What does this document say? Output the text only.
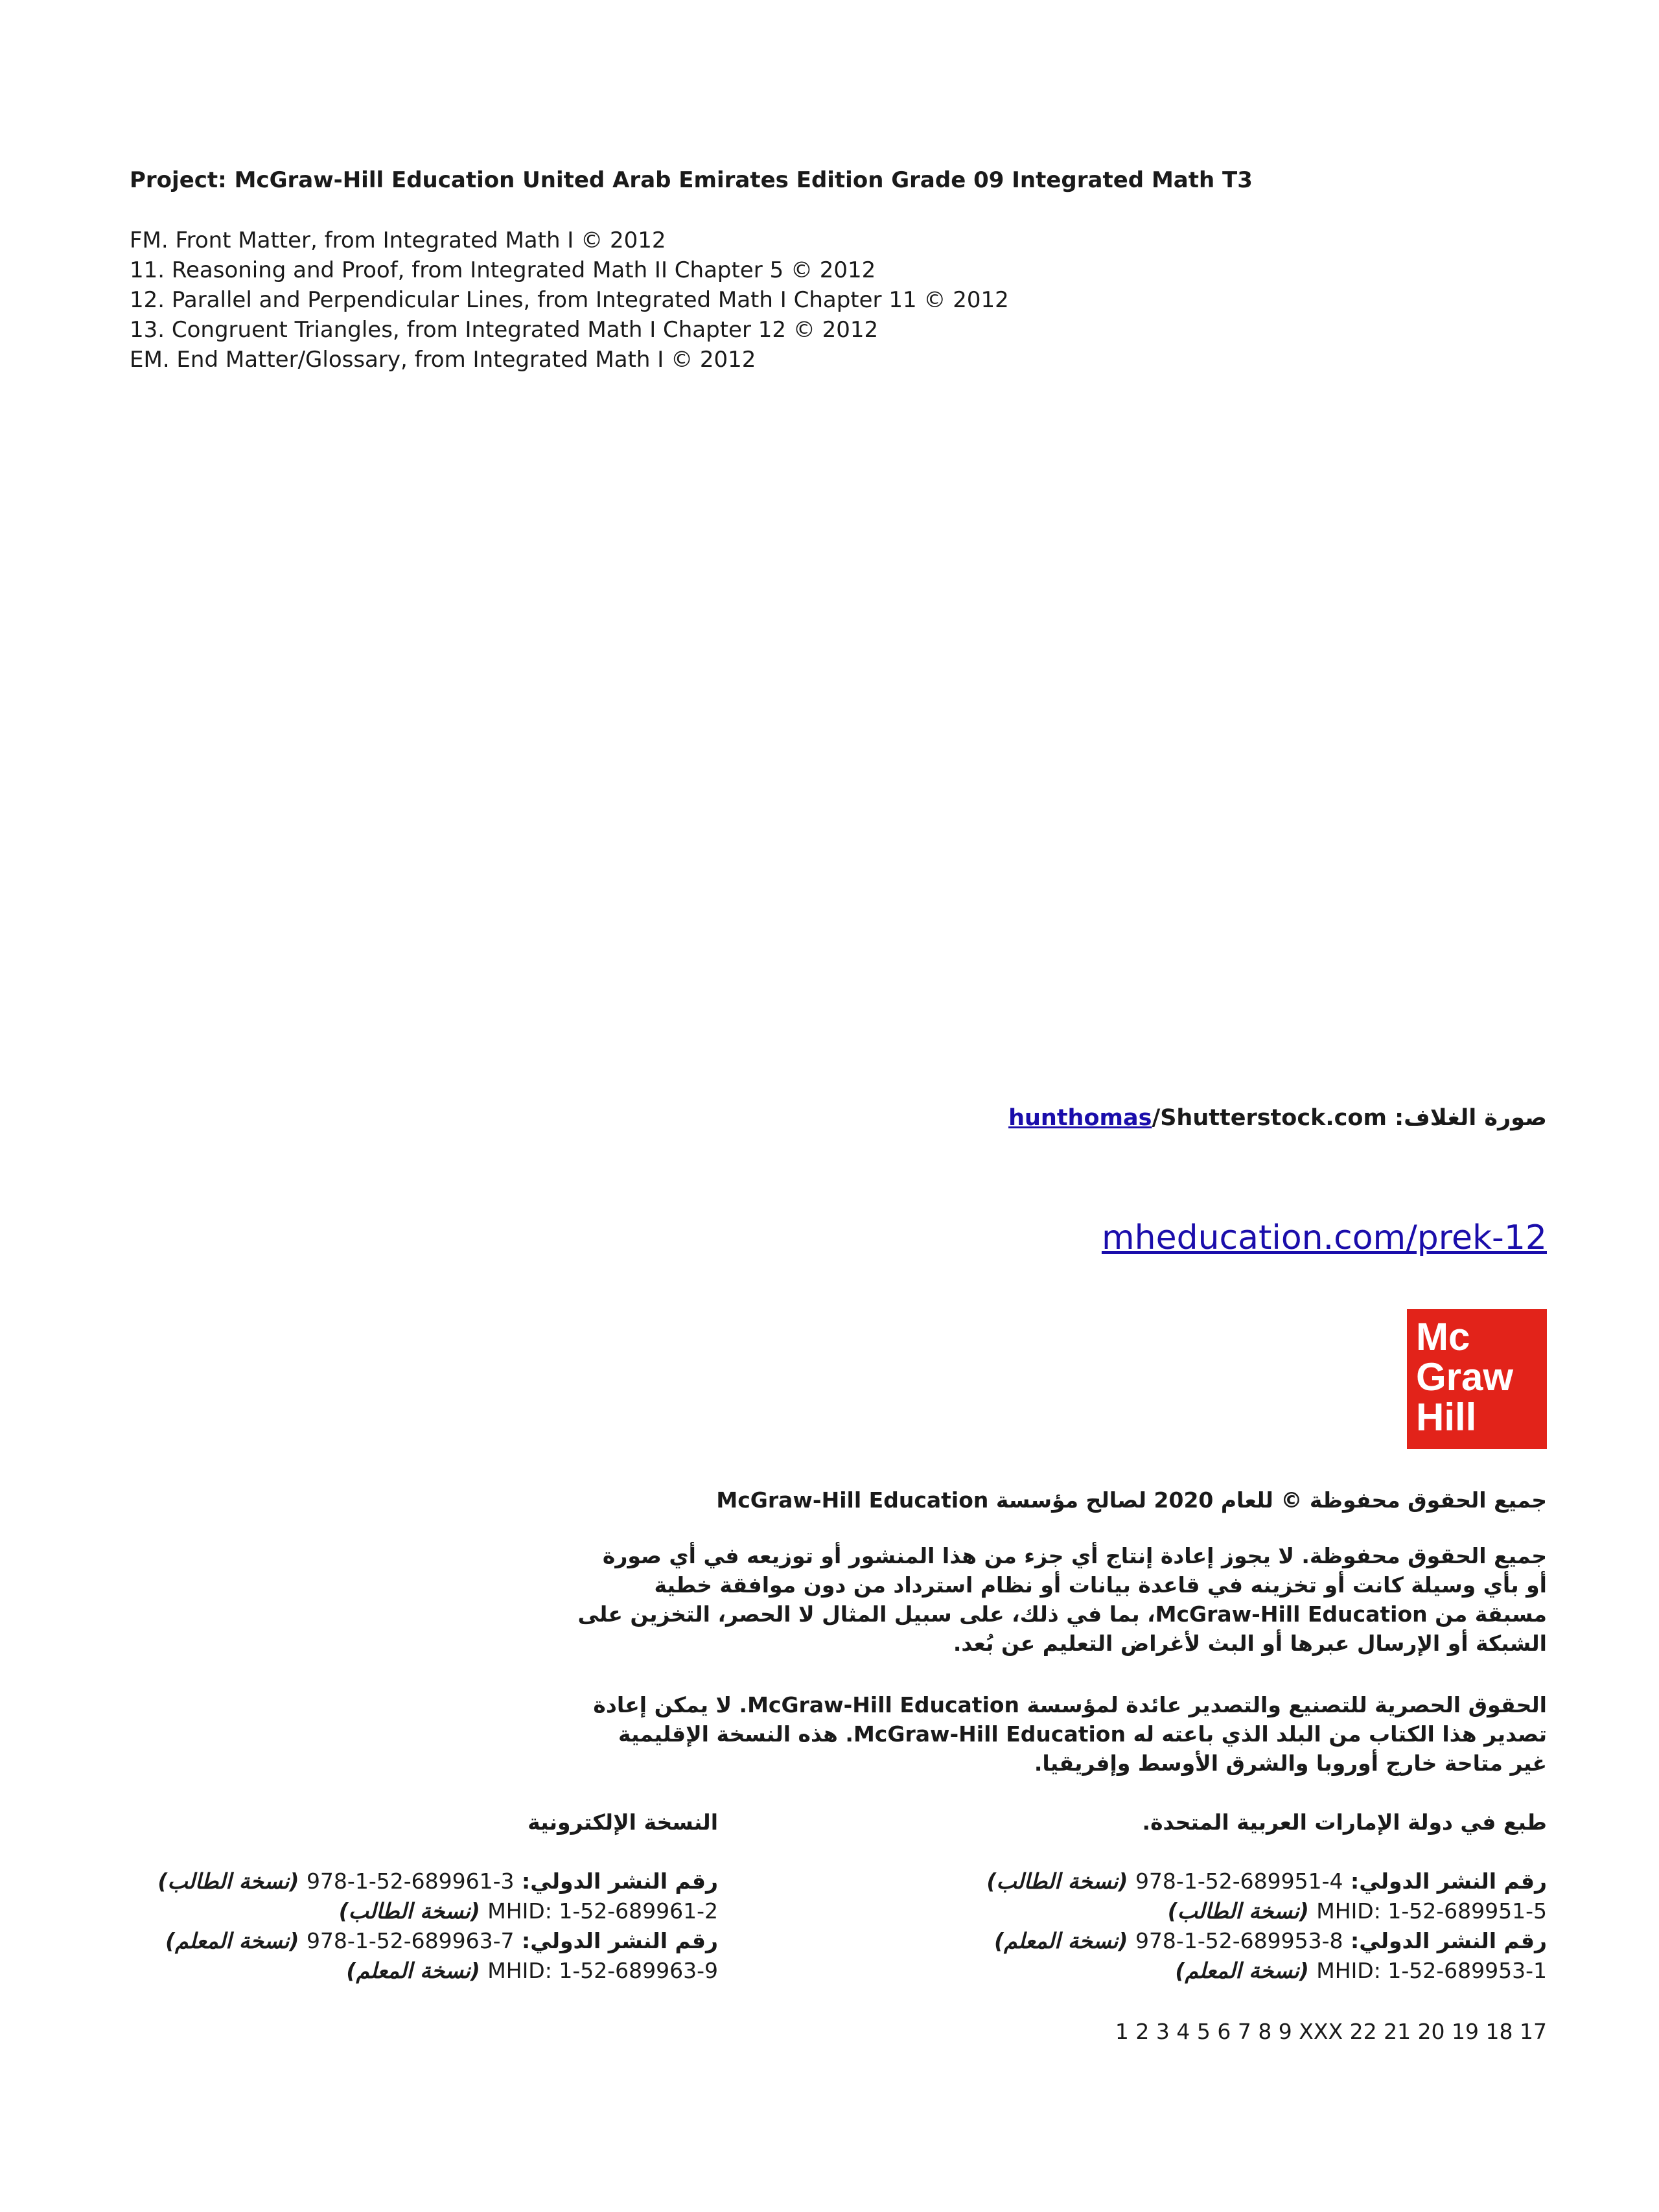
Project: McGraw-Hill Education United Arab Emirates Edition Grade 09 Integrated Math T3
FM. Front Matter, from Integrated Math I © 2012
11. Reasoning and Proof, from Integrated Math II Chapter 5 © 2012
12. Parallel and Perpendicular Lines, from Integrated Math I Chapter 11 © 2012
13. Congruent Triangles, from Integrated Math I Chapter 12 © 2012
EM. End Matter/Glossary, from Integrated Math I © 2012
صورة الغلاف: hunthomas/Shutterstock.com
mheducation.com/prek-12
Mc
Graw
Hill
جميع الحقوق محفوظة © للعام 2020 لصالح مؤسسة McGraw-Hill Education

جميع الحقوق محفوظة. لا يجوز إعادة إنتاج أي جزء من هذا المنشور أو توزيعه في أي صورة أو بأي وسيلة كانت أو تخزينه في قاعدة بيانات أو نظام استرداد من دون موافقة خطية مسبقة من McGraw-Hill Education، بما في ذلك، على سبيل المثال لا الحصر، التخزين على الشبكة أو الإرسال عبرها أو البث لأغراض التعليم عن بُعد.

الحقوق الحصرية للتصنيع والتصدير عائدة لمؤسسة McGraw-Hill Education. لا يمكن إعادة تصدير هذا الكتاب من البلد الذي باعته له McGraw-Hill Education. هذه النسخة الإقليمية غير متاحة خارج أوروبا والشرق الأوسط وإفريقيا.

طبع في دولة الإمارات العربية المتحدة.
النسخة الإلكترونية
رقم النشر الدولي: 978-1-52-689951-4 (نسخة الطالب)
MHID: 1-52-689951-5 (نسخة الطالب)
رقم النشر الدولي: 978-1-52-689953-8 (نسخة المعلم)
MHID: 1-52-689953-1 (نسخة المعلم)
رقم النشر الدولي: 978-1-52-689961-3 (نسخة الطالب)
MHID: 1-52-689961-2 (نسخة الطالب)
رقم النشر الدولي: 978-1-52-689963-7 (نسخة المعلم)
MHID: 1-52-689963-9 (نسخة المعلم)
1 2 3 4 5 6 7 8 9 XXX 22 21 20 19 18 17
